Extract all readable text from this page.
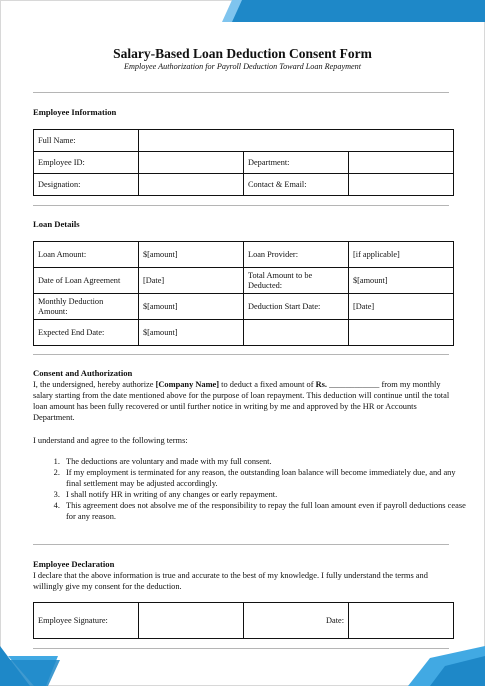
Salary-Based Loan Deduction Consent Form
Employee Authorization for Payroll Deduction Toward Loan Repayment
Employee Information
Full Name:			
Employee ID:		Department:	
Designation:		Contact & Email:	
Loan Details
Loan Amount:	$[amount]	Loan Provider:	[if applicable]
Date of Loan Agreement	[Date]	Total Amount to be Deducted:	$[amount]
Monthly Deduction Amount:	$[amount]	Deduction Start Date:	[Date]
Expected End Date:	$[amount]		
Consent and Authorization
I, the undersigned, hereby authorize [Company Name] to deduct a fixed amount of Rs. ____________ from my monthly salary starting from the date mentioned above for the purpose of loan repayment. This deduction will continue until the total loan amount has been fully recovered or until further notice in writing by me and approved by the HR or Accounts Department.
I understand and agree to the following terms:
1. The deductions are voluntary and made with my full consent.
2. If my employment is terminated for any reason, the outstanding loan balance will become immediately due, and any final settlement may be adjusted accordingly.
3. I shall notify HR in writing of any changes or early repayment.
4. This agreement does not absolve me of the responsibility to repay the full loan amount even if payroll deductions cease for any reason.
Employee Declaration
I declare that the above information is true and accurate to the best of my knowledge. I fully understand the terms and willingly give my consent for the deduction.
Employee Signature:		Date:	
